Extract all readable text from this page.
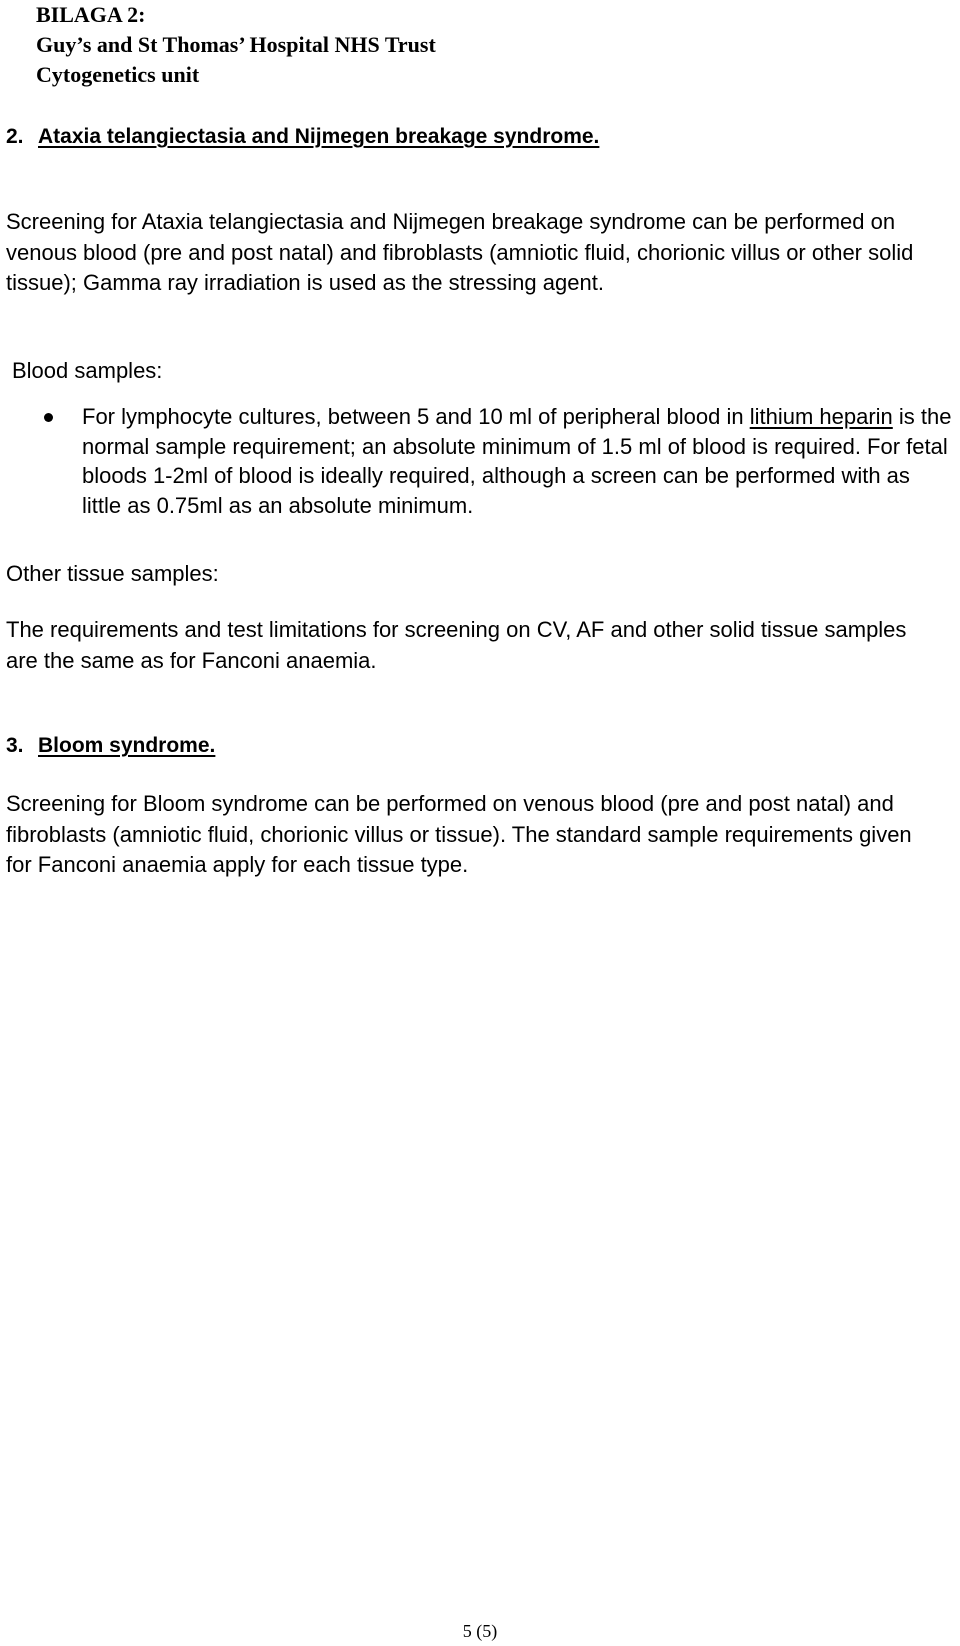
BILAGA 2:
Guy’s and St Thomas’ Hospital NHS Trust
Cytogenetics unit
2. Ataxia telangiectasia and Nijmegen breakage syndrome.
Screening for Ataxia telangiectasia and Nijmegen breakage syndrome can be performed on venous blood (pre and post natal) and fibroblasts (amniotic fluid, chorionic villus or other solid tissue); Gamma ray irradiation is used as the stressing agent.
Blood samples:
For lymphocyte cultures, between 5 and 10 ml of peripheral blood in lithium heparin is the normal sample requirement; an absolute minimum of 1.5 ml of blood is required. For fetal bloods 1-2ml of blood is ideally required, although a screen can be performed with as little as 0.75ml as an absolute minimum.
Other tissue samples:
The requirements and test limitations for screening on CV, AF and other solid tissue samples are the same as for Fanconi anaemia.
3. Bloom syndrome.
Screening for Bloom syndrome can be performed on venous blood (pre and post natal) and fibroblasts (amniotic fluid, chorionic villus or tissue). The standard sample requirements given for Fanconi anaemia apply for each tissue type.
5 (5)
